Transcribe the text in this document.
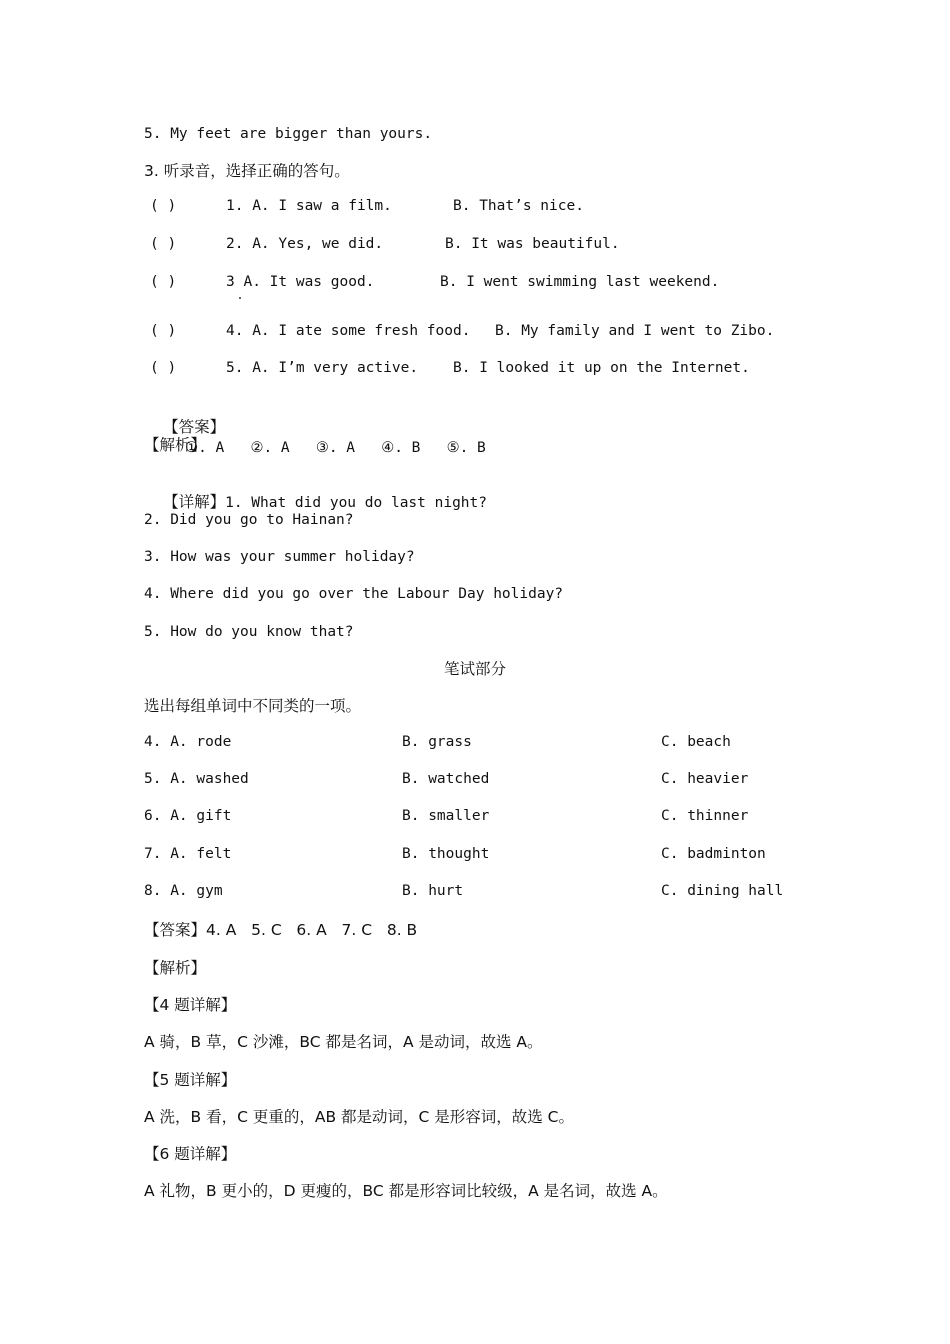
5. My feet are bigger than yours.
3. 听录音，选择正确的答句。
( )	1. A. I saw a film.	B. That’s nice.
( )	2. A. Yes, we did.	B. It was beautiful.
( )	3 A. It was good.	B. I went swimming last weekend.
( )	4. A. I ate some fresh food. B. My family and I went to Zibo.
( )	5. A. I’m very active. B. I looked it up on the Internet.

【答案】
①. A   ②. A   ③. A   ④. B   ⑤. B

【解析】

【详解】1. What did you do last night?

2. Did you go to Hainan?
3. How was your summer holiday?
4. Where did you go over the Labour Day holiday?
5. How do you know that?
笔试部分
选出每组单词中不同类的一项。
4. A. rode	B. grass	C. beach
5. A. washed	B. watched	C. heavier
6. A. gift	B. smaller	C. thinner
7. A. felt	B. thought	C. badminton
8. A. gym	B. hurt	C. dining hall
【答案】4. A   5. C   6. A   7. C   8. B
【解析】
【4 题详解】
A 骑，B 草，C 沙滩，BC 都是名词，A 是动词，故选 A。
【5 题详解】
A 洗，B 看，C 更重的，AB 都是动词，C 是形容词，故选 C。
【6 题详解】
A 礼物，B 更小的，D 更瘦的，BC 都是形容词比较级，A 是名词，故选 A。
